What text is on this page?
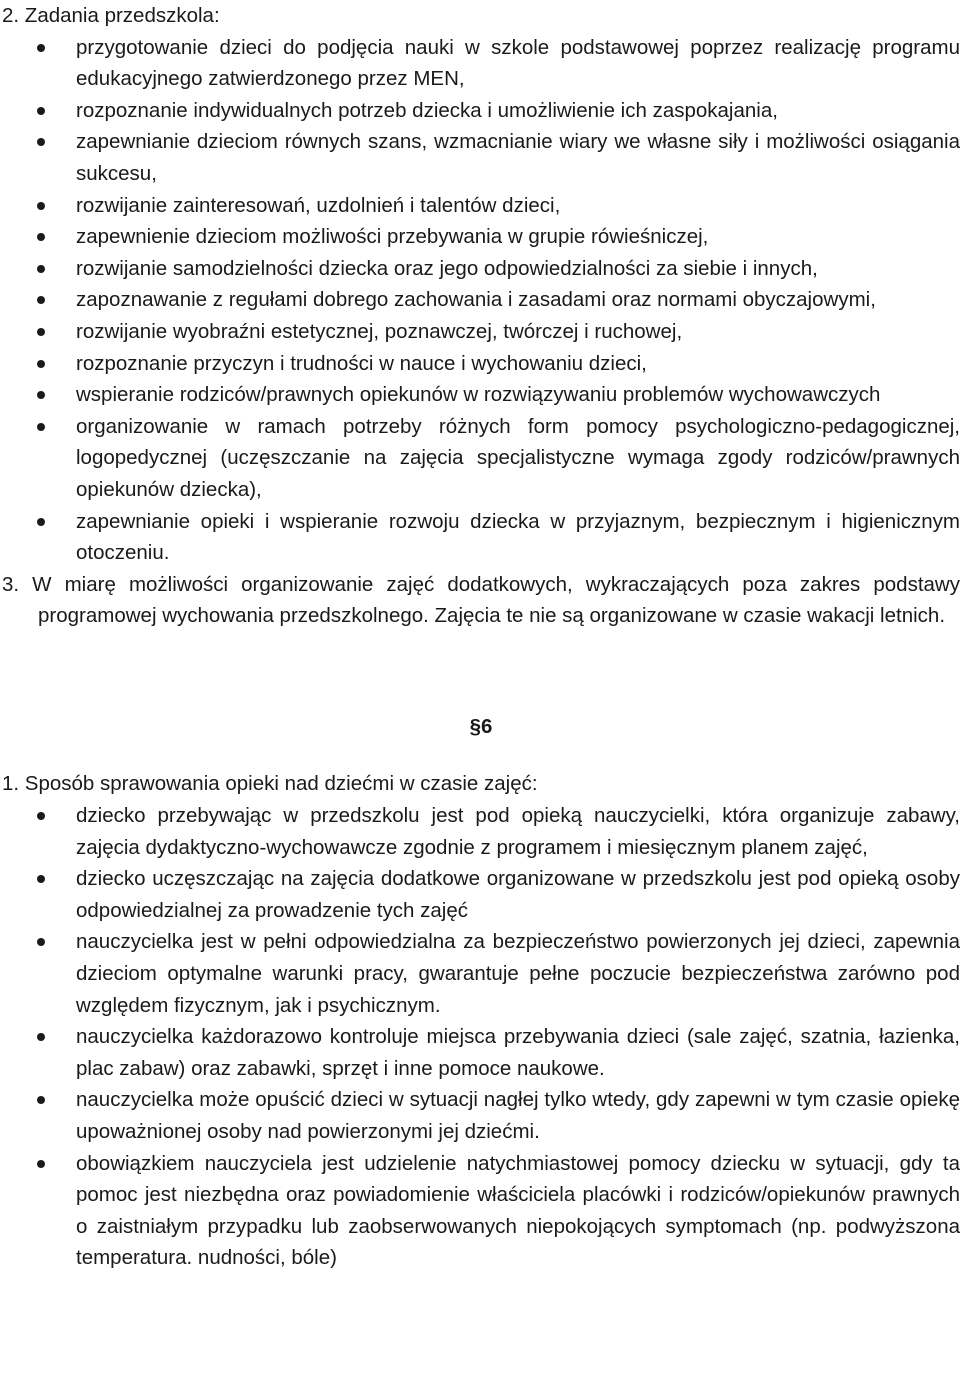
2. Zadania przedszkola:

przygotowanie dzieci do podjęcia nauki w szkole podstawowej poprzez realizację programu edukacyjnego zatwierdzonego przez MEN,
rozpoznanie indywidualnych potrzeb dziecka i umożliwienie ich zaspokajania,
zapewnianie dzieciom równych szans, wzmacnianie wiary we własne siły i możliwości osiągania sukcesu,
rozwijanie zainteresowań, uzdolnień i talentów dzieci,
zapewnienie dzieciom możliwości przebywania w grupie rówieśniczej,
rozwijanie samodzielności dziecka oraz jego odpowiedzialności za siebie i innych,
zapoznawanie z regułami dobrego zachowania i zasadami oraz normami obyczajowymi,
rozwijanie wyobraźni estetycznej, poznawczej, twórczej i ruchowej,
rozpoznanie przyczyn i trudności w nauce i wychowaniu dzieci,
wspieranie rodziców/prawnych opiekunów w rozwiązywaniu problemów wychowawczych
organizowanie w ramach potrzeby różnych form pomocy psychologiczno-pedagogicznej, logopedycznej (uczęszczanie na zajęcia specjalistyczne wymaga zgody rodziców/prawnych opiekunów dziecka),
zapewnianie opieki i wspieranie rozwoju dziecka w przyjaznym, bezpiecznym i higienicznym otoczeniu.

3. W miarę możliwości organizowanie zajęć dodatkowych, wykraczających poza zakres podstawy programowej wychowania przedszkolnego. Zajęcia te nie są organizowane w czasie wakacji letnich.

§6

1. Sposób sprawowania opieki nad dziećmi w czasie zajęć:

dziecko przebywając w przedszkolu jest pod opieką nauczycielki, która organizuje zabawy, zajęcia dydaktyczno-wychowawcze zgodnie z programem i miesięcznym planem zajęć,
dziecko uczęszczając na zajęcia dodatkowe organizowane w przedszkolu jest pod opieką osoby odpowiedzialnej za prowadzenie tych zajęć
nauczycielka jest w pełni odpowiedzialna za bezpieczeństwo powierzonych jej dzieci, zapewnia dzieciom optymalne warunki pracy, gwarantuje pełne poczucie bezpieczeństwa zarówno pod względem fizycznym, jak i psychicznym.
nauczycielka każdorazowo kontroluje miejsca przebywania dzieci (sale zajęć, szatnia, łazienka, plac zabaw) oraz zabawki, sprzęt i inne pomoce naukowe.
nauczycielka może opuścić dzieci w sytuacji nagłej tylko wtedy, gdy zapewni w tym czasie opiekę upoważnionej osoby nad powierzonymi jej dziećmi.
obowiązkiem nauczyciela jest udzielenie natychmiastowej pomocy dziecku w sytuacji, gdy ta pomoc jest niezbędna oraz powiadomienie właściciela placówki i rodziców/opiekunów prawnych o zaistniałym przypadku lub zaobserwowanych niepokojących symptomach (np. podwyższona temperatura. nudności, bóle)
